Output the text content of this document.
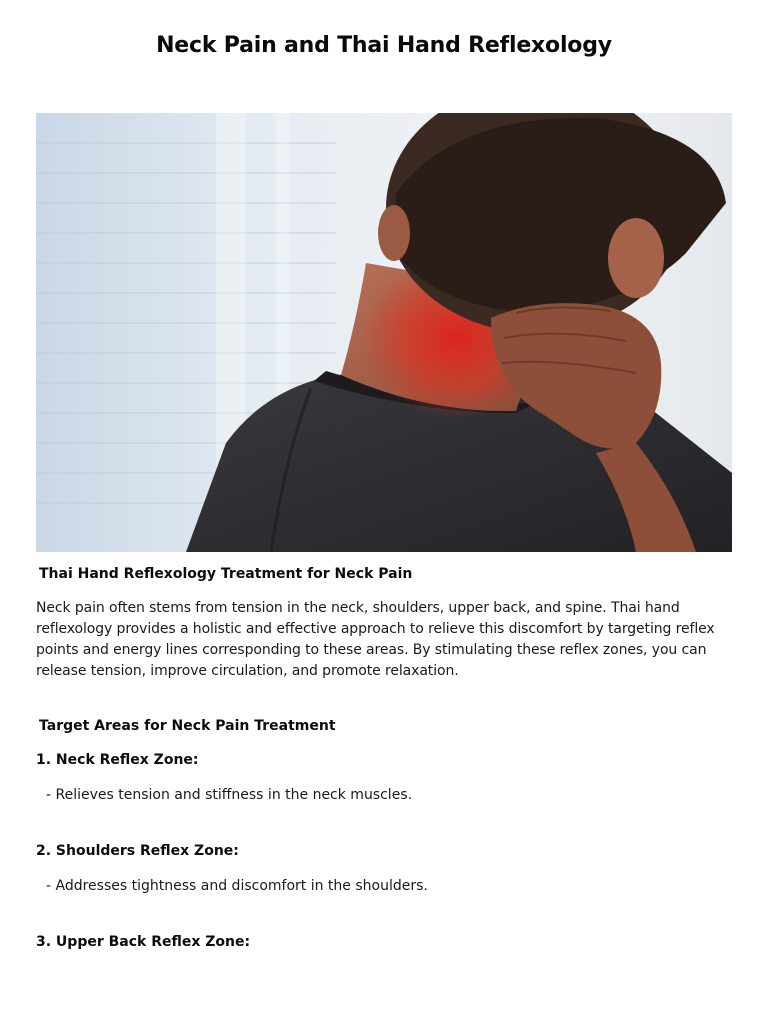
Neck Pain and Thai Hand Reflexology
Thai Hand Reflexology Treatment for Neck Pain
Neck pain often stems from tension in the neck, shoulders, upper back, and spine. Thai hand reflexology provides a holistic and effective approach to relieve this discomfort by targeting reflex points and energy lines corresponding to these areas. By stimulating these reflex zones, you can release tension, improve circulation, and promote relaxation.
Target Areas for Neck Pain Treatment
1. Neck Reflex Zone:
- Relieves tension and stiffness in the neck muscles.
2. Shoulders Reflex Zone:
- Addresses tightness and discomfort in the shoulders.
3. Upper Back Reflex Zone:
